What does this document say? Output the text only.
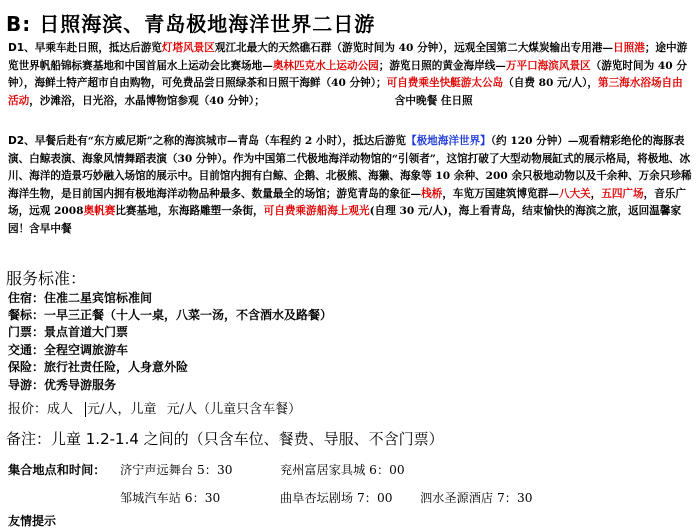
B: 日照海滨、青岛极地海洋世界二日游
D1、早乘车赴日照，抵达后游览灯塔风景区观江北最大的天然礁石群（游览时间为 40 分钟），远观全国第二大煤炭输出专用港—日照港；途中游览世界帆船锦标赛基地和中国首届水上运动会比赛场地—奥林匹克水上运动公园；游览日照的黄金海岸线—万平口海滨风景区（游览时间为 40 分钟），海鲜土特产超市自由购物，可免费品尝日照绿茶和日照干海鲜（40 分钟）；可自费乘坐快艇游太公岛（自费 80 元/人），第三海水浴场自由活动，沙滩浴，日光浴，水晶博物馆参观（40 分钟）；	含中晚餐 住日照
D2、早餐后赴有“东方威尼斯”之称的海滨城市—青岛（车程约 2 小时），抵达后游览【极地海洋世界】（约 120 分钟）—观看精彩绝伦的海豚表演、白鲸表演、海象风情舞蹈表演（30 分钟）。作为中国第二代极地海洋动物馆的“引领者”，这馆打破了大型动物展缸式的展示格局，将极地、冰川、海洋的造景巧妙融入场馆的展示中。目前馆内拥有白鲸、企鹅、北极熊、海獭、海象等 10 余种、200 余只极地动物以及千余种、万余只珍稀海洋生物，是目前国内拥有极地海洋动物品种最多、数量最全的场馆；游览青岛的象征—栈桥，车览万国建筑博览群—八大关，五四广场，音乐广场，远观 2008奥帆赛比赛基地，东海路雕塑一条街，可自费乘游船海上观光(自理 30 元/人)，海上看青岛，结束愉快的海滨之旅，返回温馨家园！含早中餐
服务标准：
住宿：住准二星宾馆标准间
餐标：一早三正餐（十人一桌，八菜一汤，不含酒水及路餐）
门票：景点首道大门票
交通：全程空调旅游车
保险：旅行社责任险，人身意外险
导游：优秀导游服务
报价：成人 元/人，儿童 元/人（儿童只含车餐）
备注：儿童 1.2-1.4 之间的（只含车位、餐费、导服、不含门票）
集合地点和时间： 济宁声远舞台 5：30	兖州富居家具城 6：00
邹城汽车站 6：30	曲阜杏坛剧场 7：00 泗水圣源酒店 7：30
友情提示
